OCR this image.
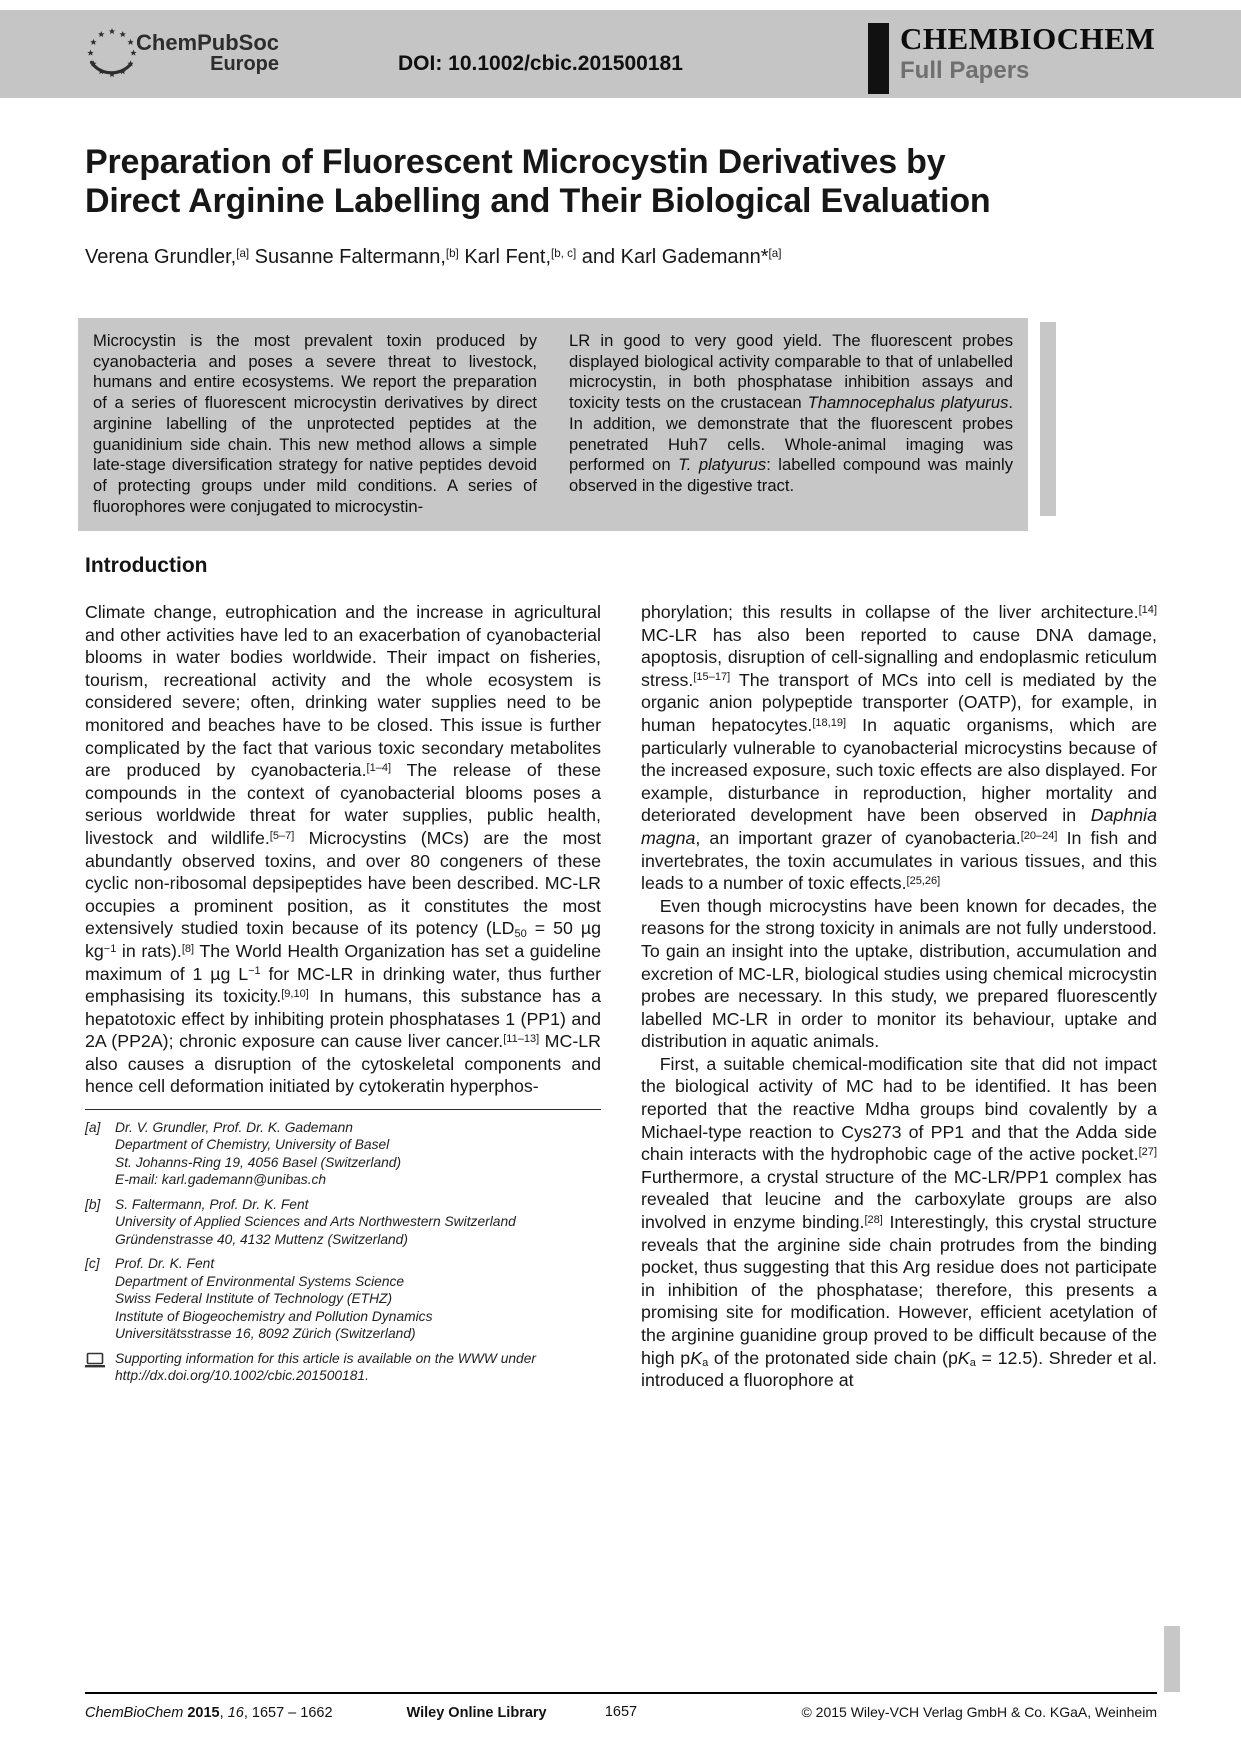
ChemPubSoc
Europe	DOI: 10.1002/cbic.201500181
CHEMBIOCHEM
Full Papers
Preparation of Fluorescent Microcystin Derivatives by
Direct Arginine Labelling and Their Biological Evaluation
Verena Grundler,[a] Susanne Faltermann,[b] Karl Fent,[b, c] and Karl Gademann*[a]
Microcystin is the most prevalent toxin produced by cyanobacteria and poses a severe threat to livestock, humans and entire ecosystems. We report the preparation of a series of fluorescent microcystin derivatives by direct arginine labelling of the unprotected peptides at the guanidinium side chain. This new method allows a simple late-stage diversification strategy for native peptides devoid of protecting groups under mild conditions. A series of fluorophores were conjugated to microcystin-
LR in good to very good yield. The fluorescent probes displayed biological activity comparable to that of unlabelled microcystin, in both phosphatase inhibition assays and toxicity tests on the crustacean Thamnocephalus platyurus. In addition, we demonstrate that the fluorescent probes penetrated Huh7 cells. Whole-animal imaging was performed on T. platyurus: labelled compound was mainly observed in the digestive tract.
Introduction

Climate change, eutrophication and the increase in agricultural and other activities have led to an exacerbation of cyanobacterial blooms in water bodies worldwide. Their impact on fisheries, tourism, recreational activity and the whole ecosystem is considered severe; often, drinking water supplies need to be monitored and beaches have to be closed. This issue is further complicated by the fact that various toxic secondary metabolites are produced by cyanobacteria.[1–4] The release of these compounds in the context of cyanobacterial blooms poses a serious worldwide threat for water supplies, public health, livestock and wildlife.[5–7] Microcystins (MCs) are the most abundantly observed toxins, and over 80 congeners of these cyclic non-ribosomal depsipeptides have been described. MC-LR occupies a prominent position, as it constitutes the most extensively studied toxin because of its potency ($LD_{50} = 50$ µg $kg^{-1}$ in rats).[8] The World Health Organization has set a guideline maximum of 1 µg $L^{-1}$ for MC-LR in drinking water, thus further emphasising its toxicity.[9,10] In humans, this substance has a hepatotoxic effect by inhibiting protein phosphatases 1 (PP1) and 2A (PP2A); chronic exposure can cause liver cancer.[11–13] MC-LR also causes a disruption of the cytoskeletal components and hence cell deformation initiated by cytokeratin hyperphos-

[a]	Dr. V. Grundler, Prof. Dr. K. Gademann
Department of Chemistry, University of Basel
St. Johanns-Ring 19, 4056 Basel (Switzerland)
E-mail: karl.gademann@unibas.ch
[b]	S. Faltermann, Prof. Dr. K. Fent
University of Applied Sciences and Arts Northwestern Switzerland
Gründenstrasse 40, 4132 Muttenz (Switzerland)
[c]	Prof. Dr. K. Fent
Department of Environmental Systems Science
Swiss Federal Institute of Technology (ETHZ)
Institute of Biogeochemistry and Pollution Dynamics
Universitätsstrasse 16, 8092 Zürich (Switzerland)
Supporting information for this article is available on the WWW under
http://dx.doi.org/10.1002/cbic.201500181.

phorylation; this results in collapse of the liver architecture.[14] MC-LR has also been reported to cause DNA damage, apoptosis, disruption of cell-signalling and endoplasmic reticulum stress.[15–17] The transport of MCs into cell is mediated by the organic anion polypeptide transporter (OATP), for example, in human hepatocytes.[18,19] In aquatic organisms, which are particularly vulnerable to cyanobacterial microcystins because of the increased exposure, such toxic effects are also displayed. For example, disturbance in reproduction, higher mortality and deteriorated development have been observed in Daphnia magna, an important grazer of cyanobacteria.[20–24] In fish and invertebrates, the toxin accumulates in various tissues, and this leads to a number of toxic effects.[25,26]

Even though microcystins have been known for decades, the reasons for the strong toxicity in animals are not fully understood. To gain an insight into the uptake, distribution, accumulation and excretion of MC-LR, biological studies using chemical microcystin probes are necessary. In this study, we prepared fluorescently labelled MC-LR in order to monitor its behaviour, uptake and distribution in aquatic animals.

First, a suitable chemical-modification site that did not impact the biological activity of MC had to be identified. It has been reported that the reactive Mdha groups bind covalently by a Michael-type reaction to Cys273 of PP1 and that the Adda side chain interacts with the hydrophobic cage of the active pocket.[27] Furthermore, a crystal structure of the MC-LR/PP1 complex has revealed that leucine and the carboxylate groups are also involved in enzyme binding.[28] Interestingly, this crystal structure reveals that the arginine side chain protrudes from the binding pocket, thus suggesting that this Arg residue does not participate in inhibition of the phosphatase; therefore, this presents a promising site for modification. However, efficient acetylation of the arginine guanidine group proved to be difficult because of the high $pK_a$ of the protonated side chain $(pK_a = 12.5)$. Shreder et al. introduced a fluorophore at

ChemBioChem 2015, 16, 1657 – 1662	Wiley Online Library	1657	© 2015 Wiley-VCH Verlag GmbH & Co. KGaA, Weinheim
